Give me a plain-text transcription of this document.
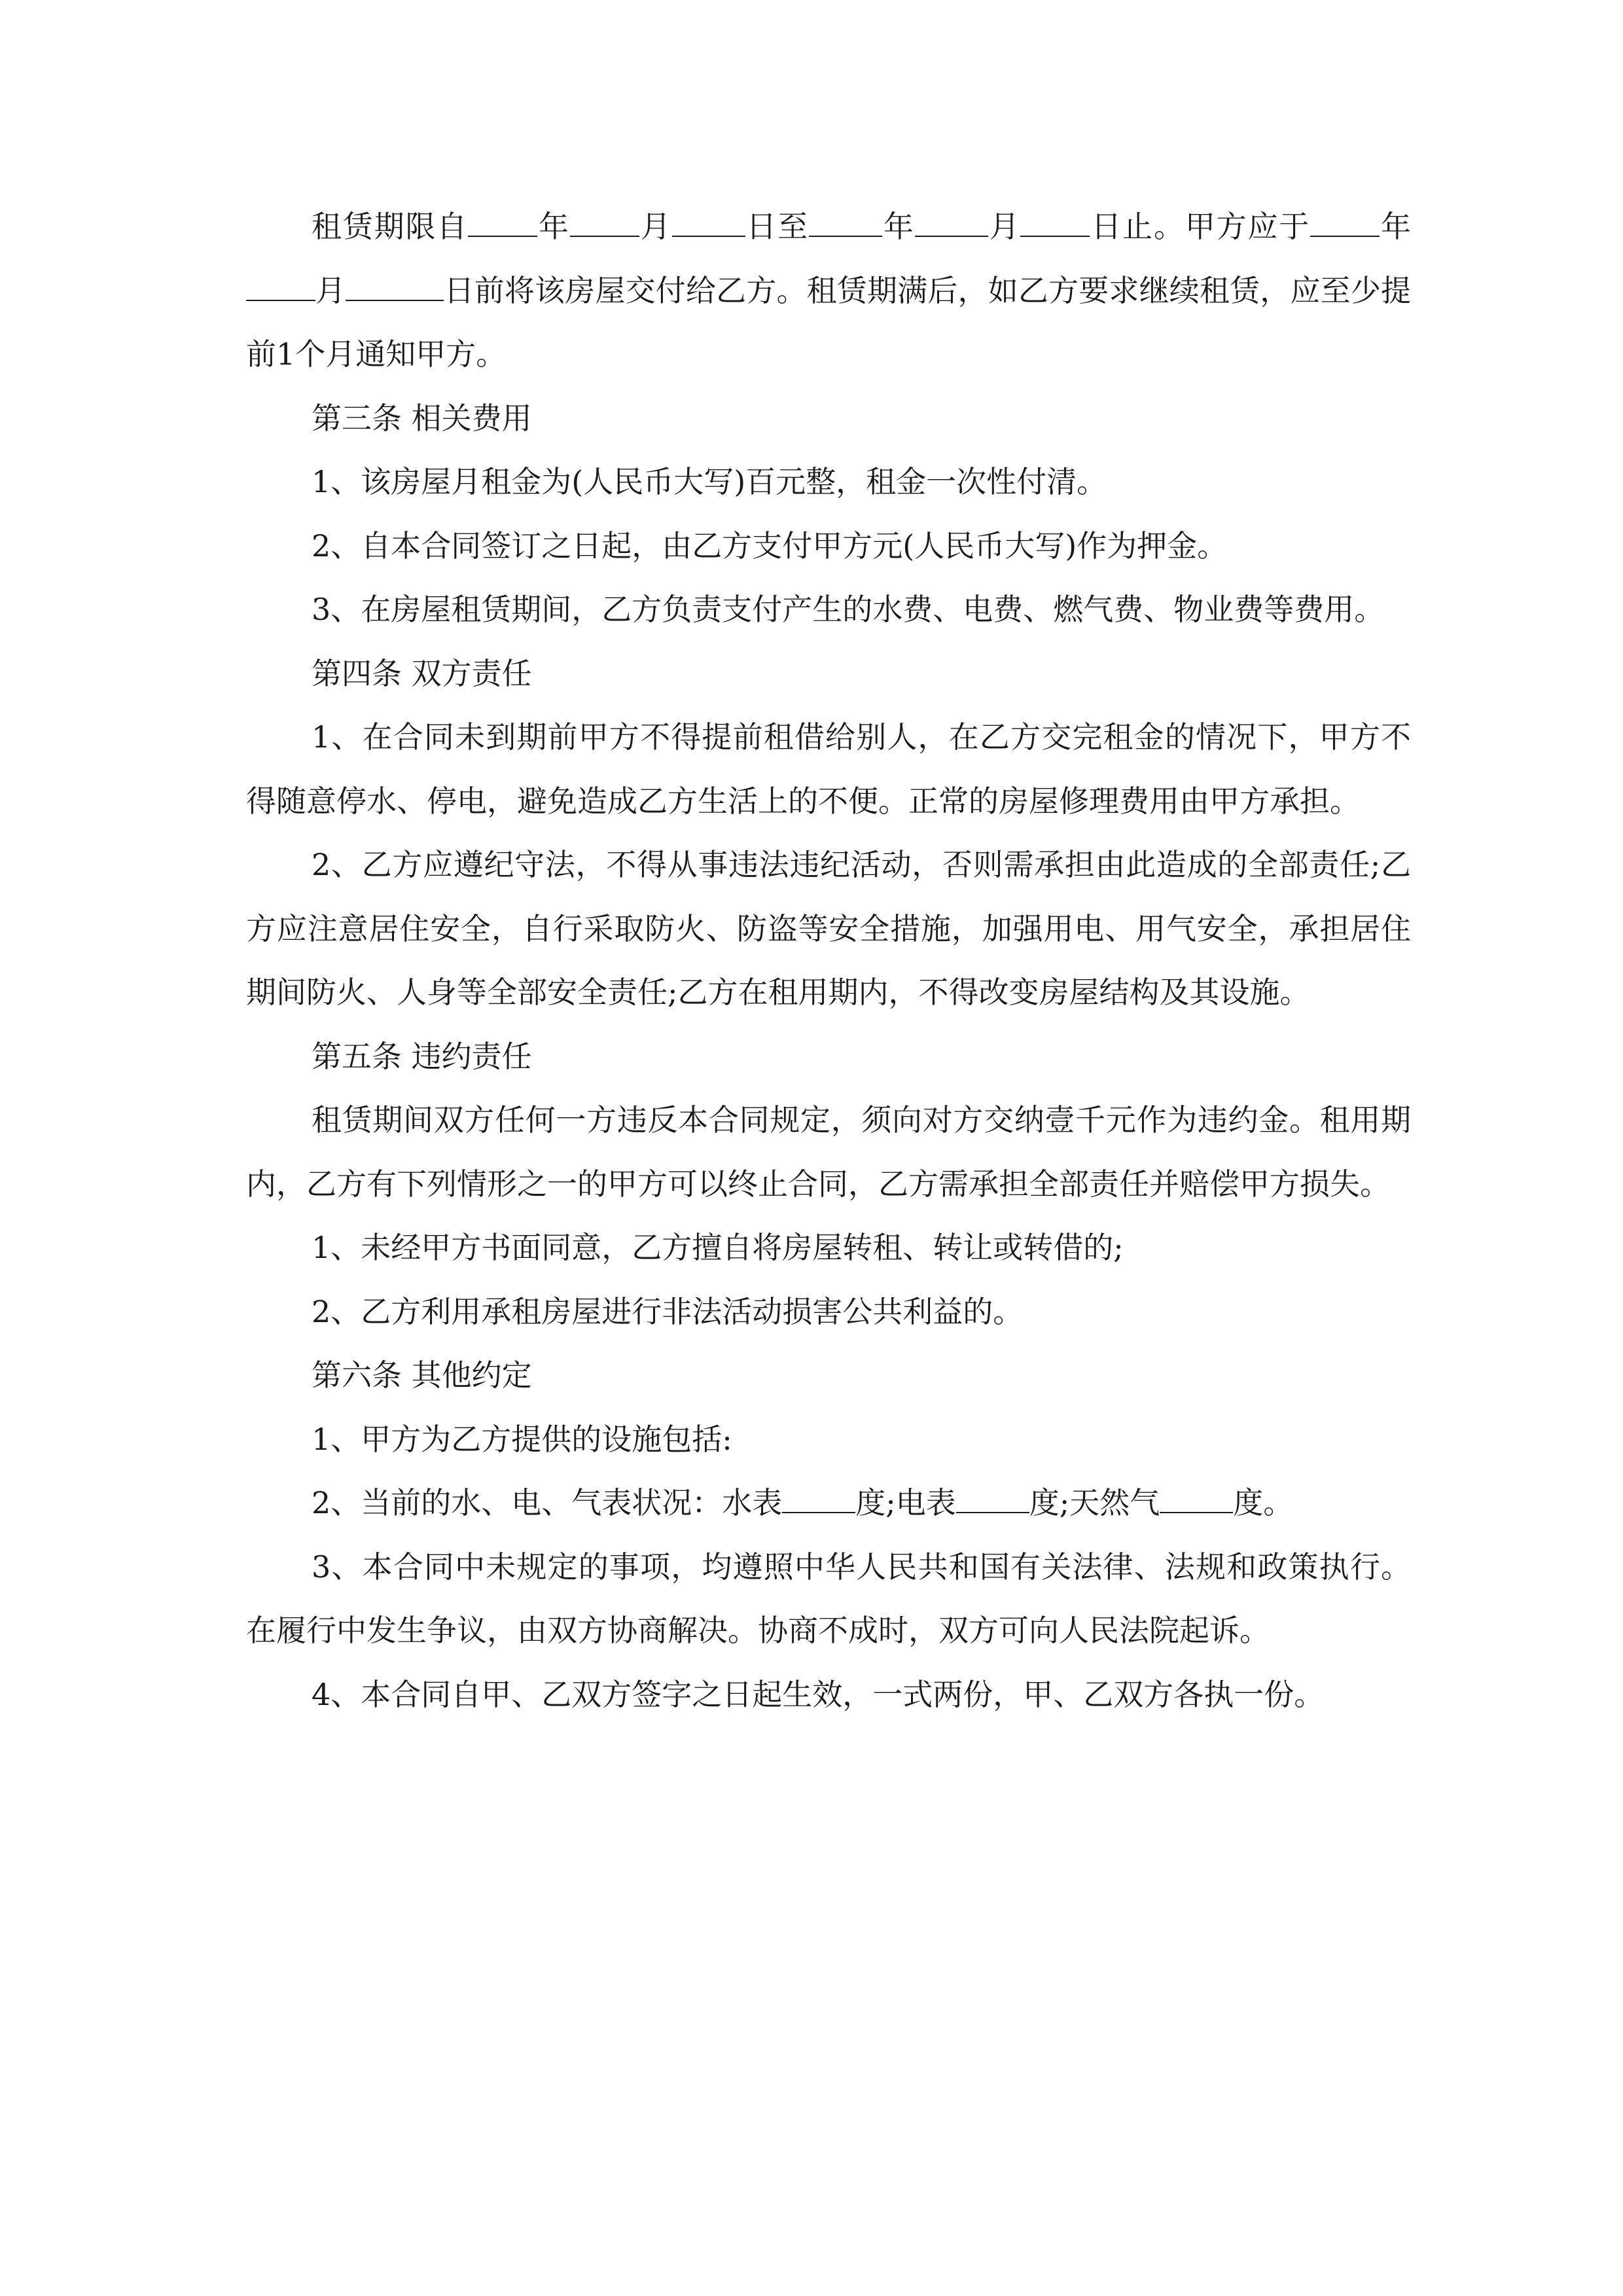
租赁期限自 年 月 日至 年 月 日止。甲方应于 年月	日前将该房屋交付给乙方。租赁期满后，如乙方要求继续租赁，应至少提前1个月通知甲方。

第三条 相关费用

1、该房屋月租金为(人民币大写)百元整，租金一次性付清。

2、自本合同签订之日起，由乙方支付甲方元(人民币大写)作为押金。

3、在房屋租赁期间，乙方负责支付产生的水费、电费、燃气费、物业费等费用。

第四条 双方责任

1、在合同未到期前甲方不得提前租借给别人，在乙方交完租金的情况下，甲方不得随意停水、停电，避免造成乙方生活上的不便。正常的房屋修理费用由甲方承担。

2、乙方应遵纪守法，不得从事违法违纪活动，否则需承担由此造成的全部责任;乙方应注意居住安全，自行采取防火、防盗等安全措施，加强用电、用气安全，承担居住期间防火、人身等全部安全责任;乙方在租用期内，不得改变房屋结构及其设施。

第五条 违约责任

租赁期间双方任何一方违反本合同规定，须向对方交纳壹千元作为违约金。租用期内，乙方有下列情形之一的甲方可以终止合同，乙方需承担全部责任并赔偿甲方损失。

1、未经甲方书面同意，乙方擅自将房屋转租、转让或转借的;

2、乙方利用承租房屋进行非法活动损害公共利益的。

第六条 其他约定

1、甲方为乙方提供的设施包括:

2、当前的水、电、气表状况：水表 度;电表 度;天然气 度。

3、本合同中未规定的事项，均遵照中华人民共和国有关法律、法规和政策执行。在履行中发生争议，由双方协商解决。协商不成时，双方可向人民法院起诉。

4、本合同自甲、乙双方签字之日起生效，一式两份，甲、乙双方各执一份。
